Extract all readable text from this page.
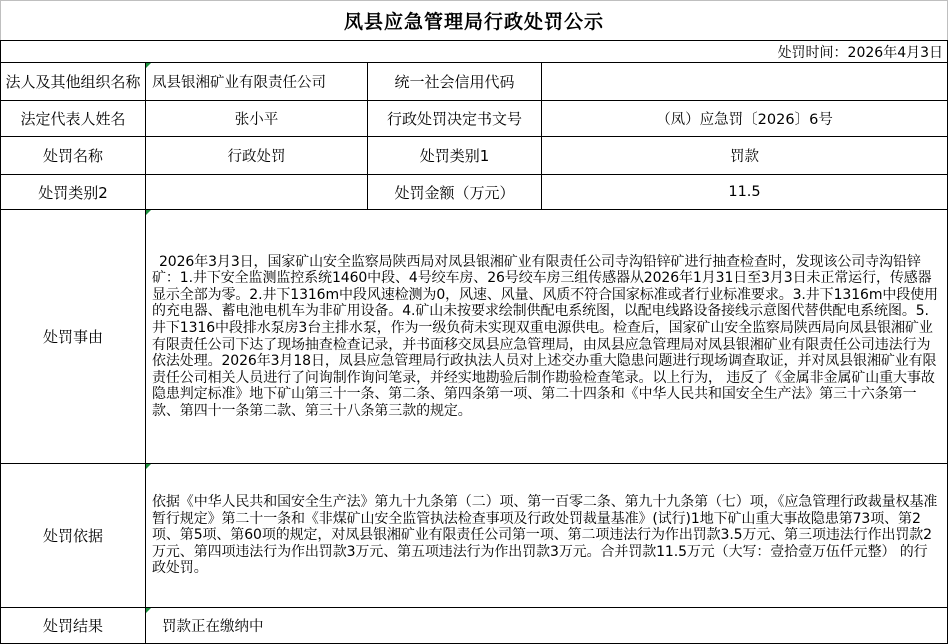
凤县应急管理局行政处罚公示			
处罚时间：2026年4月3日			
法人及其他组织名称	凤县银湘矿业有限责任公司	统一社会信用代码	
法定代表人姓名	张小平	行政处罚决定书文号	（凤）应急罚〔2026〕6号
处罚名称	行政处罚	处罚类别1	罚款
处罚类别2		处罚金额（万元）	11.5
处罚事由	2026年3月3日，国家矿山安全监察局陕西局对凤县银湘矿业有限责任公司寺沟铅锌矿进行抽查检查时，发现该公司寺沟铅锌矿：1.井下安全监测监控系统1460中段、4号绞车房、26号绞车房三组传感器从2026年1月31日至3月3日未正常运行，传感器显示全部为零。2.井下1316m中段风速检测为0，风速、风量、风质不符合国家标准或者行业标准要求。3.井下1316m中段使用的充电器、蓄电池电机车为非矿用设备。4.矿山未按要求绘制供配电系统图，以配电线路设备接线示意图代替供配电系统图。5.井下1316中段排水泵房3台主排水泵，作为一级负荷未实现双重电源供电。检查后，国家矿山安全监察局陕西局向凤县银湘矿业有限责任公司下达了现场抽查检查记录，并书面移交凤县应急管理局，由凤县应急管理局对凤县银湘矿业有限责任公司违法行为依法处理。2026年3月18日，凤县应急管理局行政执法人员对上述交办重大隐患问题进行现场调查取证，并对凤县银湘矿业有限责任公司相关人员进行了问询制作询问笔录，并经实地勘验后制作勘验检查笔录。以上行为， 违反了《金属非金属矿山重大事故隐患判定标准》地下矿山第三十一条、第二条、第四条第一项、第二十四条和《中华人民共和国安全生产法》第三十六条第一款、第四十一条第二款、第三十八条第三款的规定。		
处罚依据	依据《中华人民共和国安全生产法》第九十九条第（二）项、第一百零二条、第九十九条第（七）项，《应急管理行政裁量权基准暂行规定》第二十一条和《非煤矿山安全监管执法检查事项及行政处罚裁量基准》(试行)1地下矿山重大事故隐患第73项、第2项、第5项、第60项的规定，对凤县银湘矿业有限责任公司第一项、第二项违法行为作出罚款3.5万元、第三项违法行作出罚款2万元、第四项违法行为作出罚款3万元、第五项违法行为作出罚款3万元。合并罚款11.5万元（大写：壹拾壹万伍仟元整） 的行政处罚。		
处罚结果	罚款正在缴纳中		
